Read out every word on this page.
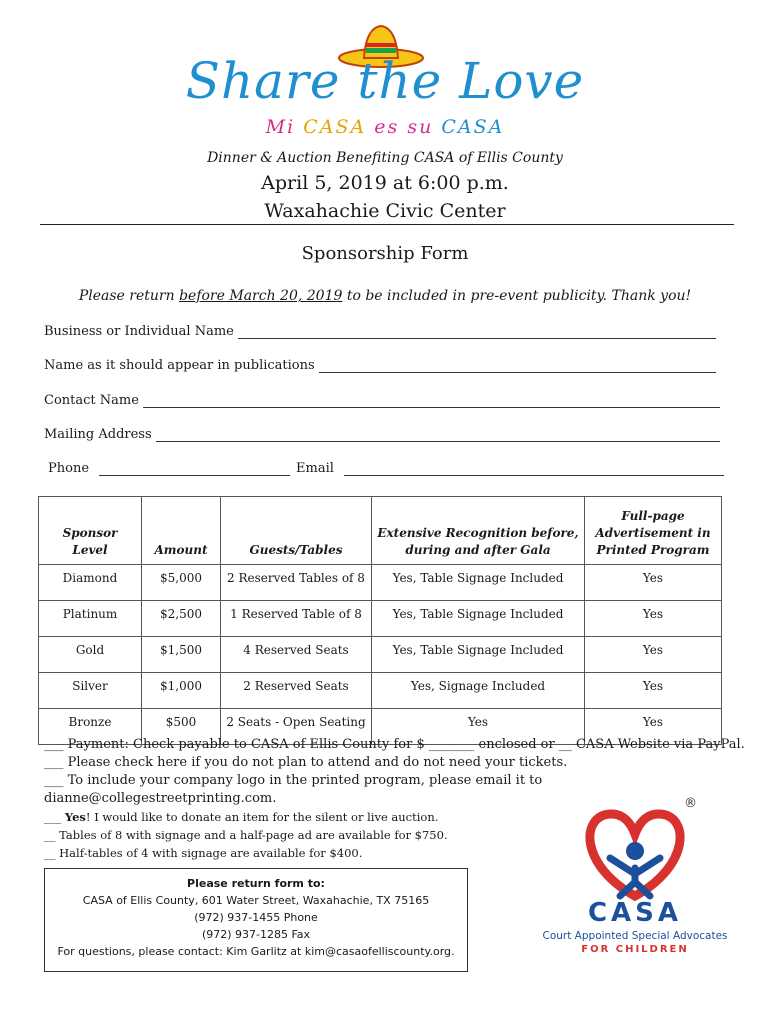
Share the Love
Mi CASA es su CASA
Dinner & Auction Benefiting CASA of Ellis County
April 5, 2019 at 6:00 p.m.
Waxahachie Civic Center
Sponsorship Form
Please return before March 20, 2019 to be included in pre-event publicity. Thank you!
Business or Individual Name
Name as it should appear in publications
Contact Name
Mailing Address
Phone	Email
Sponsor Level	Amount	Guests/Tables	Extensive Recognition before, during and after Gala	Full-page Advertisement in Printed Program
Diamond	$5,000	2 Reserved Tables of 8	Yes, Table Signage Included	Yes
Platinum	$2,500	1 Reserved Table of 8	Yes, Table Signage Included	Yes
Gold	$1,500	4 Reserved Seats	Yes, Table Signage Included	Yes
Silver	$1,000	2 Reserved Seats	Yes, Signage Included	Yes
Bronze	$500	2 Seats - Open Seating	Yes	Yes
___ Payment: Check payable to CASA of Ellis County for $ _______ enclosed or __ CASA Website via PayPal.
___ Please check here if you do not plan to attend and do not need your tickets.
___ To include your company logo in the printed program, please email it to dianne@collegestreetprinting.com.
___ Yes! I would like to donate an item for the silent or live auction.
__ Tables of 8 with signage and a half-page ad are available for $750.
__ Half-tables of 4 with signage are available for $400.
Please return form to:
CASA of Ellis County, 601 Water Street, Waxahachie, TX 75165
(972) 937-1455 Phone
(972) 937-1285 Fax
For questions, please contact: Kim Garlitz at kim@casaofelliscounty.org.
®
CASA
Court Appointed Special Advocates
FOR CHILDREN
